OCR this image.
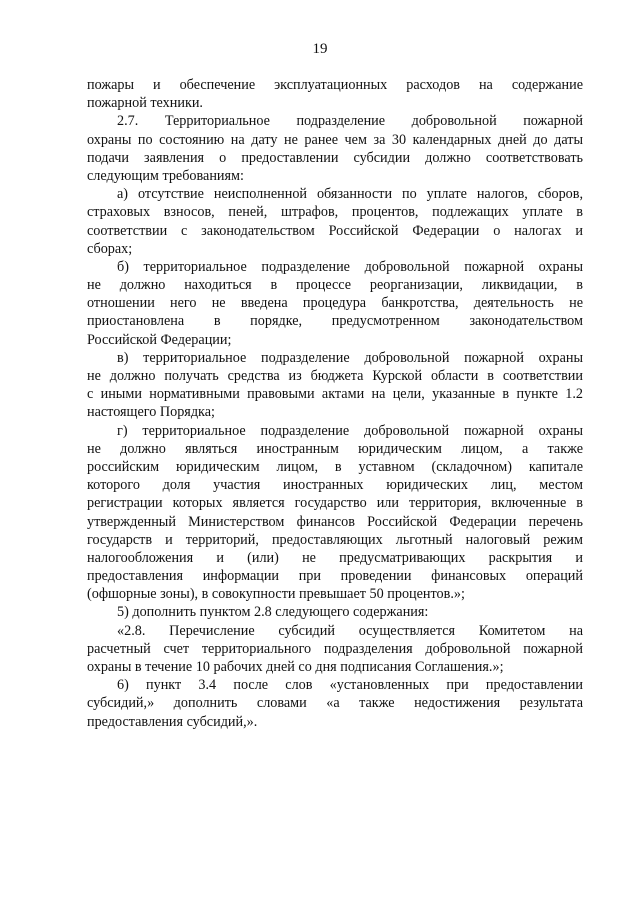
19
пожары и обеспечение эксплуатационных расходов на содержание
пожарной техники.
2.7. Территориальное подразделение добровольной пожарной
охраны по состоянию на дату не ранее чем за 30 календарных дней до даты
подачи заявления о предоставлении субсидии должно соответствовать
следующим требованиям:
а) отсутствие неисполненной обязанности по уплате налогов, сборов,
страховых взносов, пеней, штрафов, процентов, подлежащих уплате в
соответствии с законодательством Российской Федерации о налогах и
сборах;
б) территориальное подразделение добровольной пожарной охраны
не должно находиться в процессе реорганизации, ликвидации, в
отношении него не введена процедура банкротства, деятельность не
приостановлена в порядке, предусмотренном законодательством
Российской Федерации;
в) территориальное подразделение добровольной пожарной охраны
не должно получать средства из бюджета Курской области в соответствии
с иными нормативными правовыми актами на цели, указанные в пункте 1.2
настоящего Порядка;
г) территориальное подразделение добровольной пожарной охраны
не должно являться иностранным юридическим лицом, а также
российским юридическим лицом, в уставном (складочном) капитале
которого доля участия иностранных юридических лиц, местом
регистрации которых является государство или территория, включенные в
утвержденный Министерством финансов Российской Федерации перечень
государств и территорий, предоставляющих льготный налоговый режим
налогообложения и (или) не предусматривающих раскрытия и
предоставления информации при проведении финансовых операций
(офшорные зоны), в совокупности превышает 50 процентов.»;
5) дополнить пунктом 2.8 следующего содержания:
«2.8. Перечисление субсидий осуществляется Комитетом на
расчетный счет территориального подразделения добровольной пожарной
охраны в течение 10 рабочих дней со дня подписания Соглашения.»;
6) пункт 3.4 после слов «установленных при предоставлении
субсидий,» дополнить словами «а также недостижения результата
предоставления субсидий,».
